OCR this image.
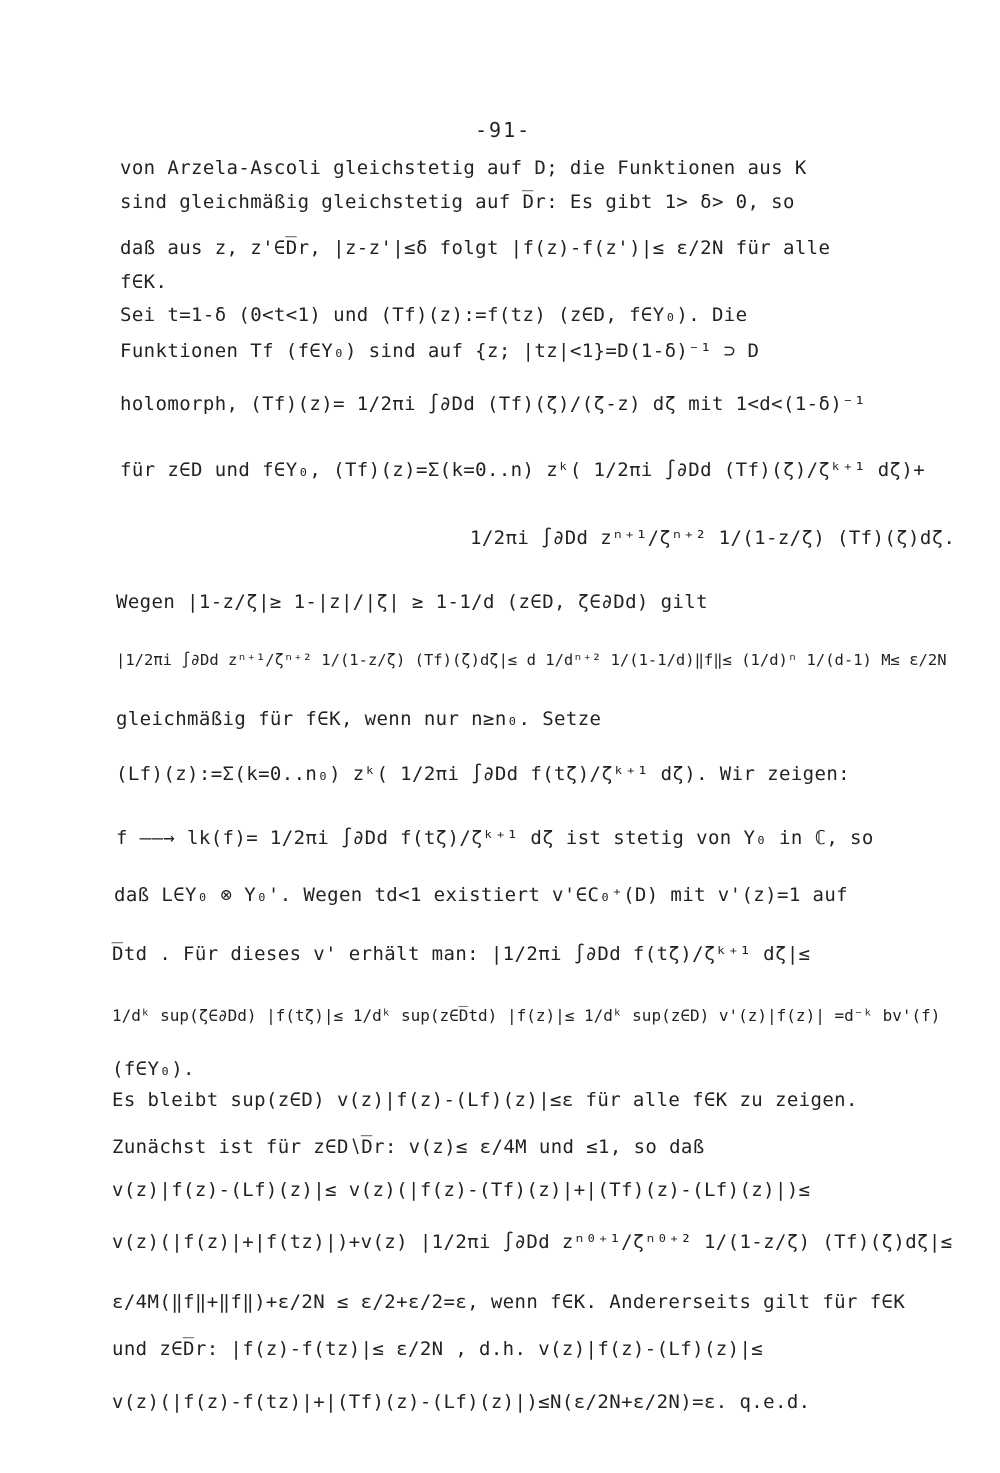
-91-
von Arzela-Ascoli gleichstetig auf D; die Funktionen aus K
sind gleichmäßig gleichstetig auf D̅r: Es gibt 1> δ> 0, so
daß aus z, z'∈D̅r, |z-z'|≤δ folgt |f(z)-f(z')|≤ ε/2N für alle
f∈K.
Sei t=1-δ (0<t<1) und (Tf)(z):=f(tz) (z∈D, f∈Y₀). Die
Funktionen Tf (f∈Y₀) sind auf {z; |tz|<1}=D(1-δ)⁻¹ ⊃ D
holomorph, (Tf)(z)= 1/2πi ∫∂Dd (Tf)(ζ)/(ζ-z) dζ mit 1<d<(1-δ)⁻¹
für z∈D und f∈Y₀, (Tf)(z)=Σ(k=0..n) zᵏ( 1/2πi ∫∂Dd (Tf)(ζ)/ζᵏ⁺¹ dζ)+
1/2πi ∫∂Dd zⁿ⁺¹/ζⁿ⁺² 1/(1-z/ζ) (Tf)(ζ)dζ.
Wegen |1-z/ζ|≥ 1-|z|/|ζ| ≥ 1-1/d (z∈D, ζ∈∂Dd) gilt
|1/2πi ∫∂Dd zⁿ⁺¹/ζⁿ⁺² 1/(1-z/ζ) (Tf)(ζ)dζ|≤ d 1/dⁿ⁺² 1/(1-1/d)‖f‖≤ (1/d)ⁿ 1/(d-1) M≤ ε/2N
gleichmäßig für f∈K, wenn nur n≥n₀. Setze
(Lf)(z):=Σ(k=0..n₀) zᵏ( 1/2πi ∫∂Dd f(tζ)/ζᵏ⁺¹ dζ). Wir zeigen:
f ——→ lk(f)= 1/2πi ∫∂Dd f(tζ)/ζᵏ⁺¹ dζ ist stetig von Y₀ in ℂ, so
daß L∈Y₀ ⊗ Y₀'. Wegen td<1 existiert v'∈C₀⁺(D) mit v'(z)=1 auf
D̅td . Für dieses v' erhält man: |1/2πi ∫∂Dd f(tζ)/ζᵏ⁺¹ dζ|≤
1/dᵏ sup(ζ∈∂Dd) |f(tζ)|≤ 1/dᵏ sup(z∈D̅td) |f(z)|≤ 1/dᵏ sup(z∈D) v'(z)|f(z)| =d⁻ᵏ bv'(f)
(f∈Y₀).
Es bleibt sup(z∈D) v(z)|f(z)-(Lf)(z)|≤ε für alle f∈K zu zeigen.
Zunächst ist für z∈D∖D̅r: v(z)≤ ε/4M und ≤1, so daß
v(z)|f(z)-(Lf)(z)|≤ v(z)(|f(z)-(Tf)(z)|+|(Tf)(z)-(Lf)(z)|)≤
v(z)(|f(z)|+|f(tz)|)+v(z) |1/2πi ∫∂Dd zⁿ⁰⁺¹/ζⁿ⁰⁺² 1/(1-z/ζ) (Tf)(ζ)dζ|≤
ε/4M(‖f‖+‖f‖)+ε/2N ≤ ε/2+ε/2=ε, wenn f∈K. Andererseits gilt für f∈K
und z∈D̅r: |f(z)-f(tz)|≤ ε/2N , d.h. v(z)|f(z)-(Lf)(z)|≤
v(z)(|f(z)-f(tz)|+|(Tf)(z)-(Lf)(z)|)≤N(ε/2N+ε/2N)=ε. q.e.d.
